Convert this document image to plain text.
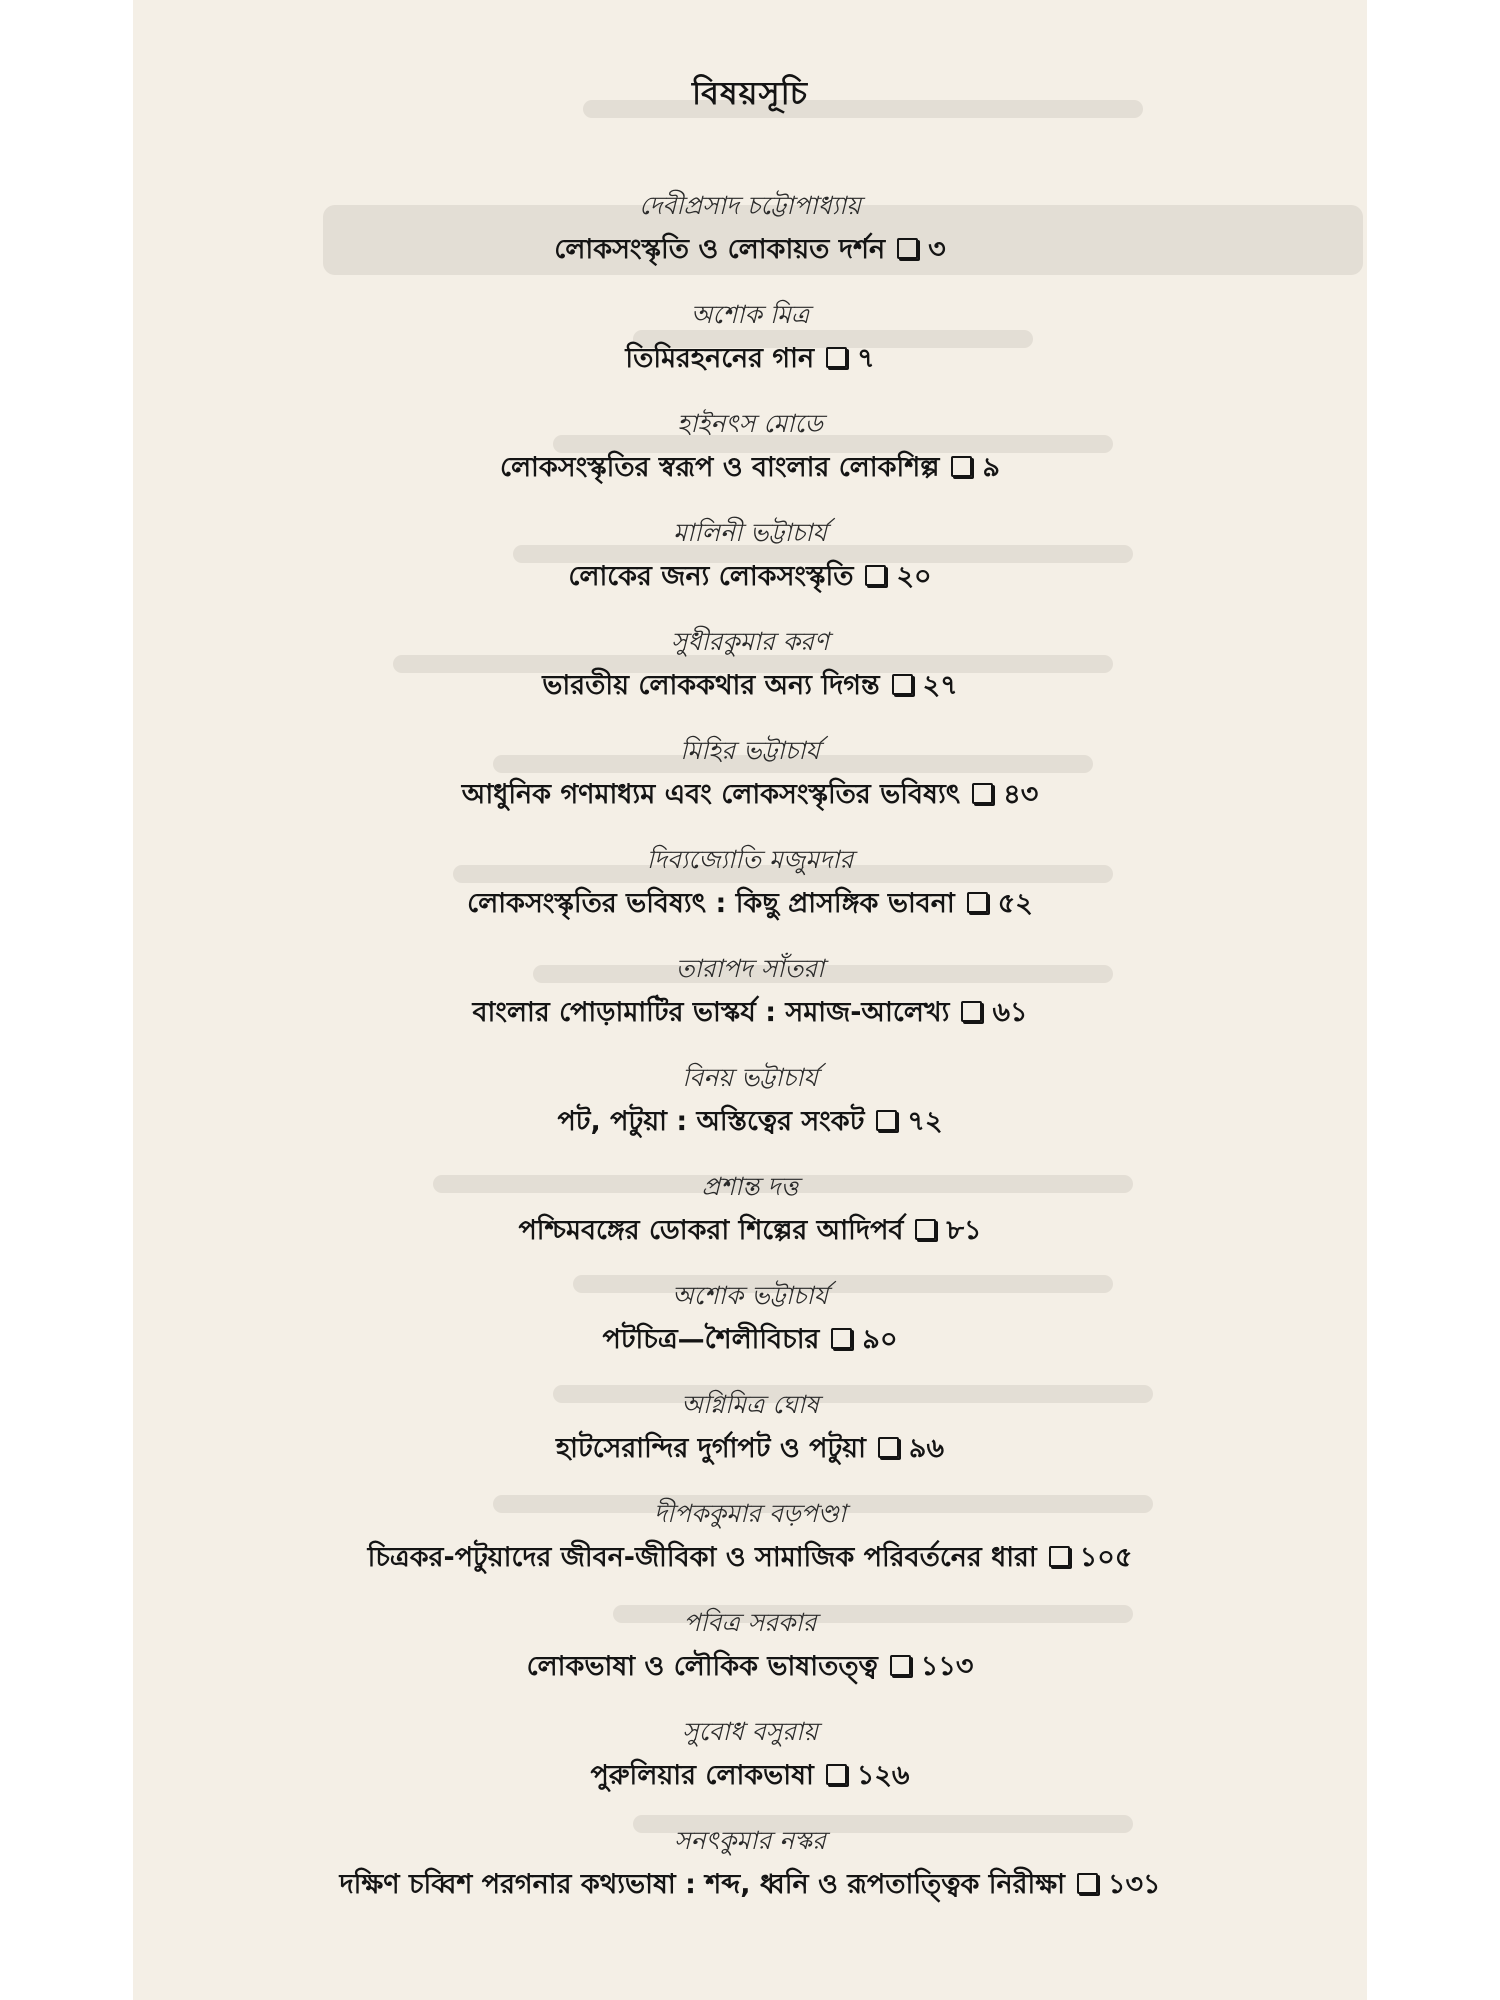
বিষয়সূচি
দেবীপ্রসাদ চট্টোপাধ্যায়
লোকসংস্কৃতি ও লোকায়ত দর্শন ৩
অশোক মিত্র
তিমিরহননের গান ৭
হাইনৎস মোডে
লোকসংস্কৃতির স্বরূপ ও বাংলার লোকশিল্প ৯
মালিনী ভট্টাচার্য
লোকের জন্য লোকসংস্কৃতি ২০
সুধীরকুমার করণ
ভারতীয় লোককথার অন্য দিগন্ত ২৭
মিহির ভট্টাচার্য
আধুনিক গণমাধ্যম এবং লোকসংস্কৃতির ভবিষ্যৎ ৪৩
দিব্যজ্যোতি মজুমদার
লোকসংস্কৃতির ভবিষ্যৎ : কিছু প্রাসঙ্গিক ভাবনা ৫২
তারাপদ সাঁতরা
বাংলার পোড়ামাটির ভাস্কর্য : সমাজ-আলেখ্য ৬১
বিনয় ভট্টাচার্য
পট, পটুয়া : অস্তিত্বের সংকট ৭২
প্রশান্ত দত্ত
পশ্চিমবঙ্গের ডোকরা শিল্পের আদিপর্ব ৮১
অশোক ভট্টাচার্য
পটচিত্র—শৈলীবিচার ৯০
অগ্নিমিত্র ঘোষ
হাটসেরান্দির দুর্গাপট ও পটুয়া ৯৬
দীপককুমার বড়পণ্ডা
চিত্রকর-পটুয়াদের জীবন-জীবিকা ও সামাজিক পরিবর্তনের ধারা ১০৫
পবিত্র সরকার
লোকভাষা ও লৌকিক ভাষাতত্ত্ব ১১৩
সুবোধ বসুরায়
পুরুলিয়ার লোকভাষা ১২৬
সনৎকুমার নস্কর
দক্ষিণ চব্বিশ পরগনার কথ্যভাষা : শব্দ, ধ্বনি ও রূপতাত্ত্বিক নিরীক্ষা ১৩১
